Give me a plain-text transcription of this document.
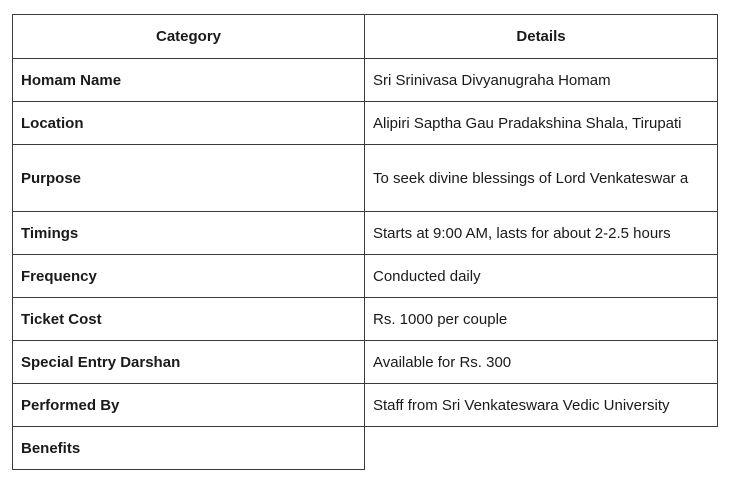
Category	Details
Homam Name	Sri Srinivasa Divyanugraha Homam
Location	Alipiri Saptha Gau Pradakshina Shala, Tirupati
Purpose	To seek divine blessings of Lord Venkateswar a
Timings	Starts at 9:00 AM, lasts for about 2-2.5 hours
Frequency	Conducted daily
Ticket Cost	Rs. 1000 per couple
Special Entry Darshan	Available for Rs. 300
Performed By	Staff from Sri Venkateswara Vedic University
Benefits	
